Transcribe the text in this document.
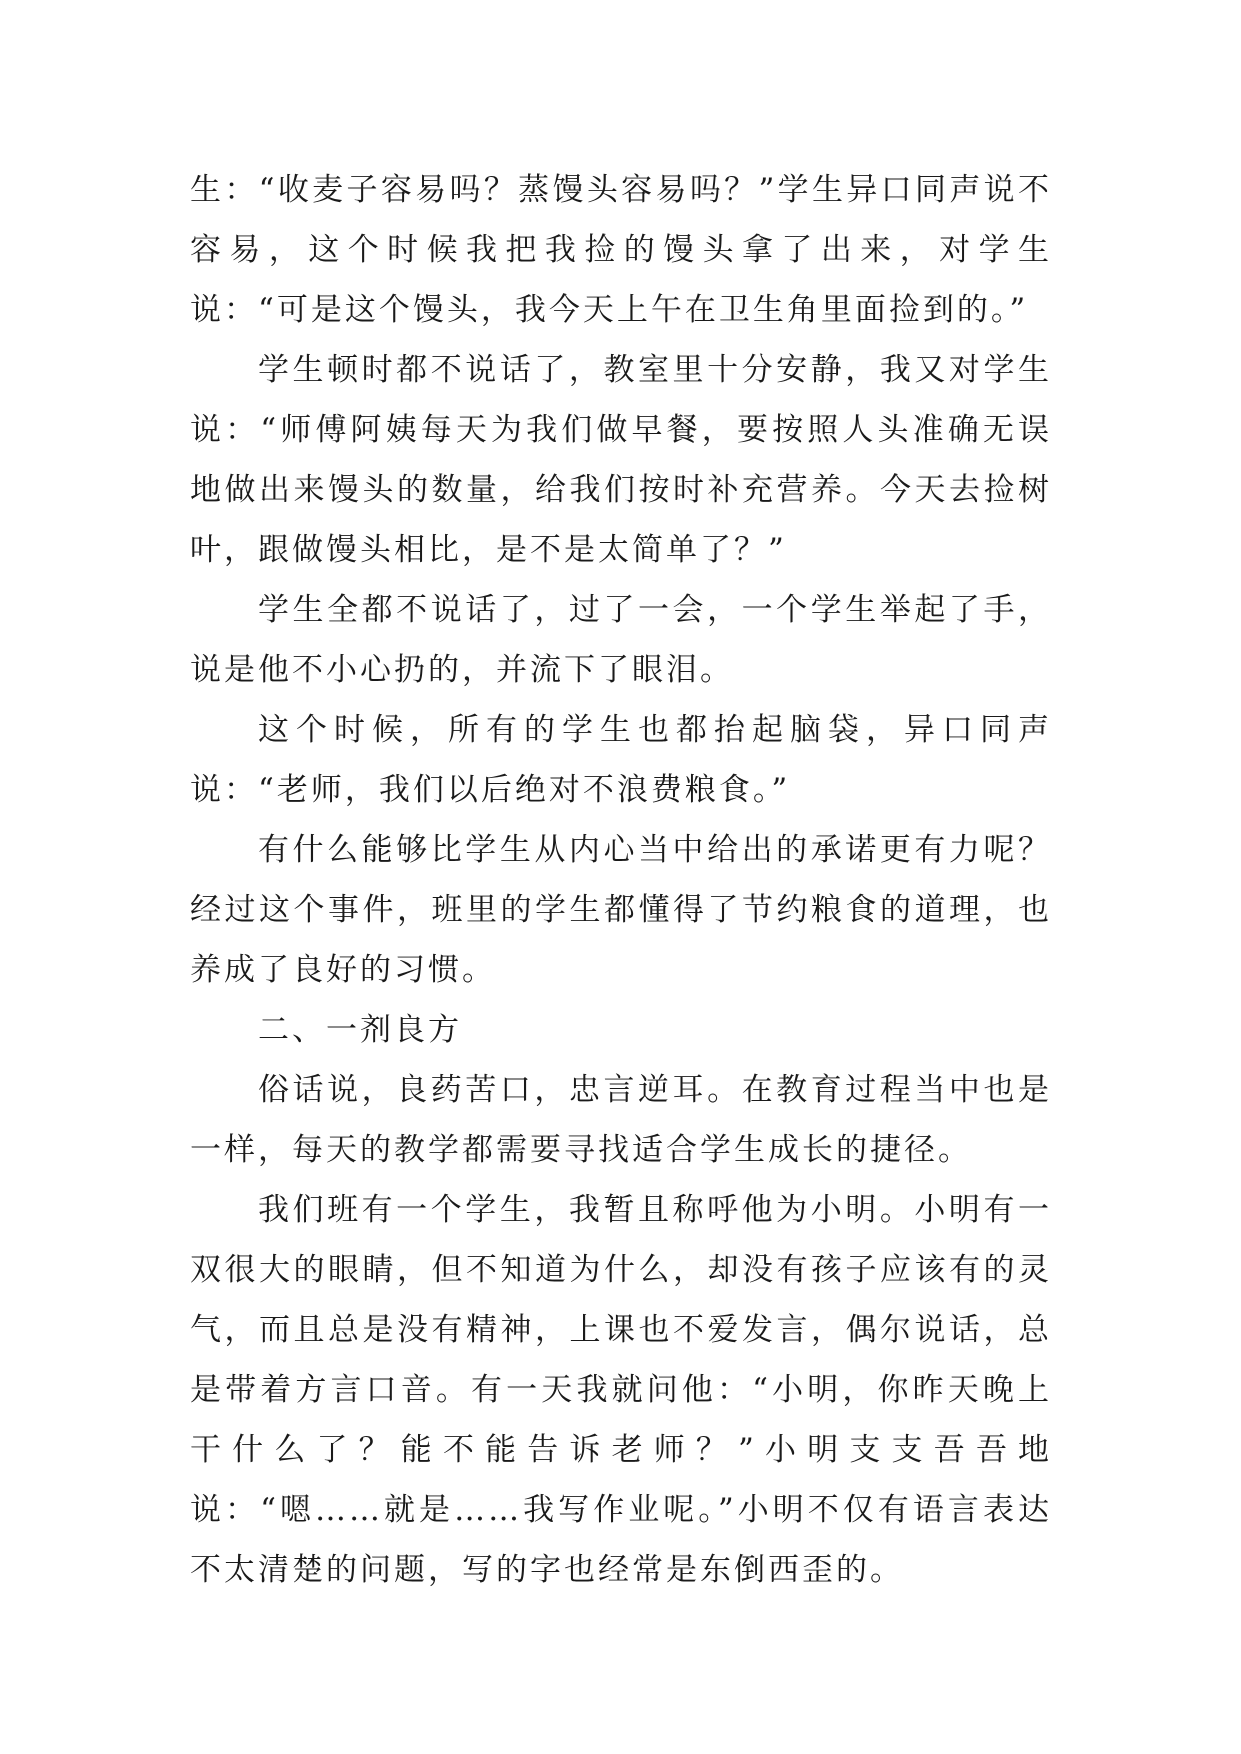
生：“收麦子容易吗？蒸馒头容易吗？”学生异口同声说不容易，这个时候我把我捡的馒头拿了出来，对学生说：“可是这个馒头，我今天上午在卫生角里面捡到的。”

学生顿时都不说话了，教室里十分安静，我又对学生说：“师傅阿姨每天为我们做早餐，要按照人头准确无误地做出来馒头的数量，给我们按时补充营养。今天去捡树叶，跟做馒头相比，是不是太简单了？”

学生全都不说话了，过了一会，一个学生举起了手，说是他不小心扔的，并流下了眼泪。

这个时候，所有的学生也都抬起脑袋，异口同声说：“老师，我们以后绝对不浪费粮食。”

有什么能够比学生从内心当中给出的承诺更有力呢？经过这个事件，班里的学生都懂得了节约粮食的道理，也养成了良好的习惯。

二、一剂良方

俗话说，良药苦口，忠言逆耳。在教育过程当中也是一样，每天的教学都需要寻找适合学生成长的捷径。

我们班有一个学生，我暂且称呼他为小明。小明有一双很大的眼睛，但不知道为什么，却没有孩子应该有的灵气，而且总是没有精神，上课也不爱发言，偶尔说话，总是带着方言口音。有一天我就问他：“小明，你昨天晚上干什么了？能不能告诉老师？”小明支支吾吾地说：“嗯……就是……我写作业呢。”小明不仅有语言表达不太清楚的问题，写的字也经常是东倒西歪的。
